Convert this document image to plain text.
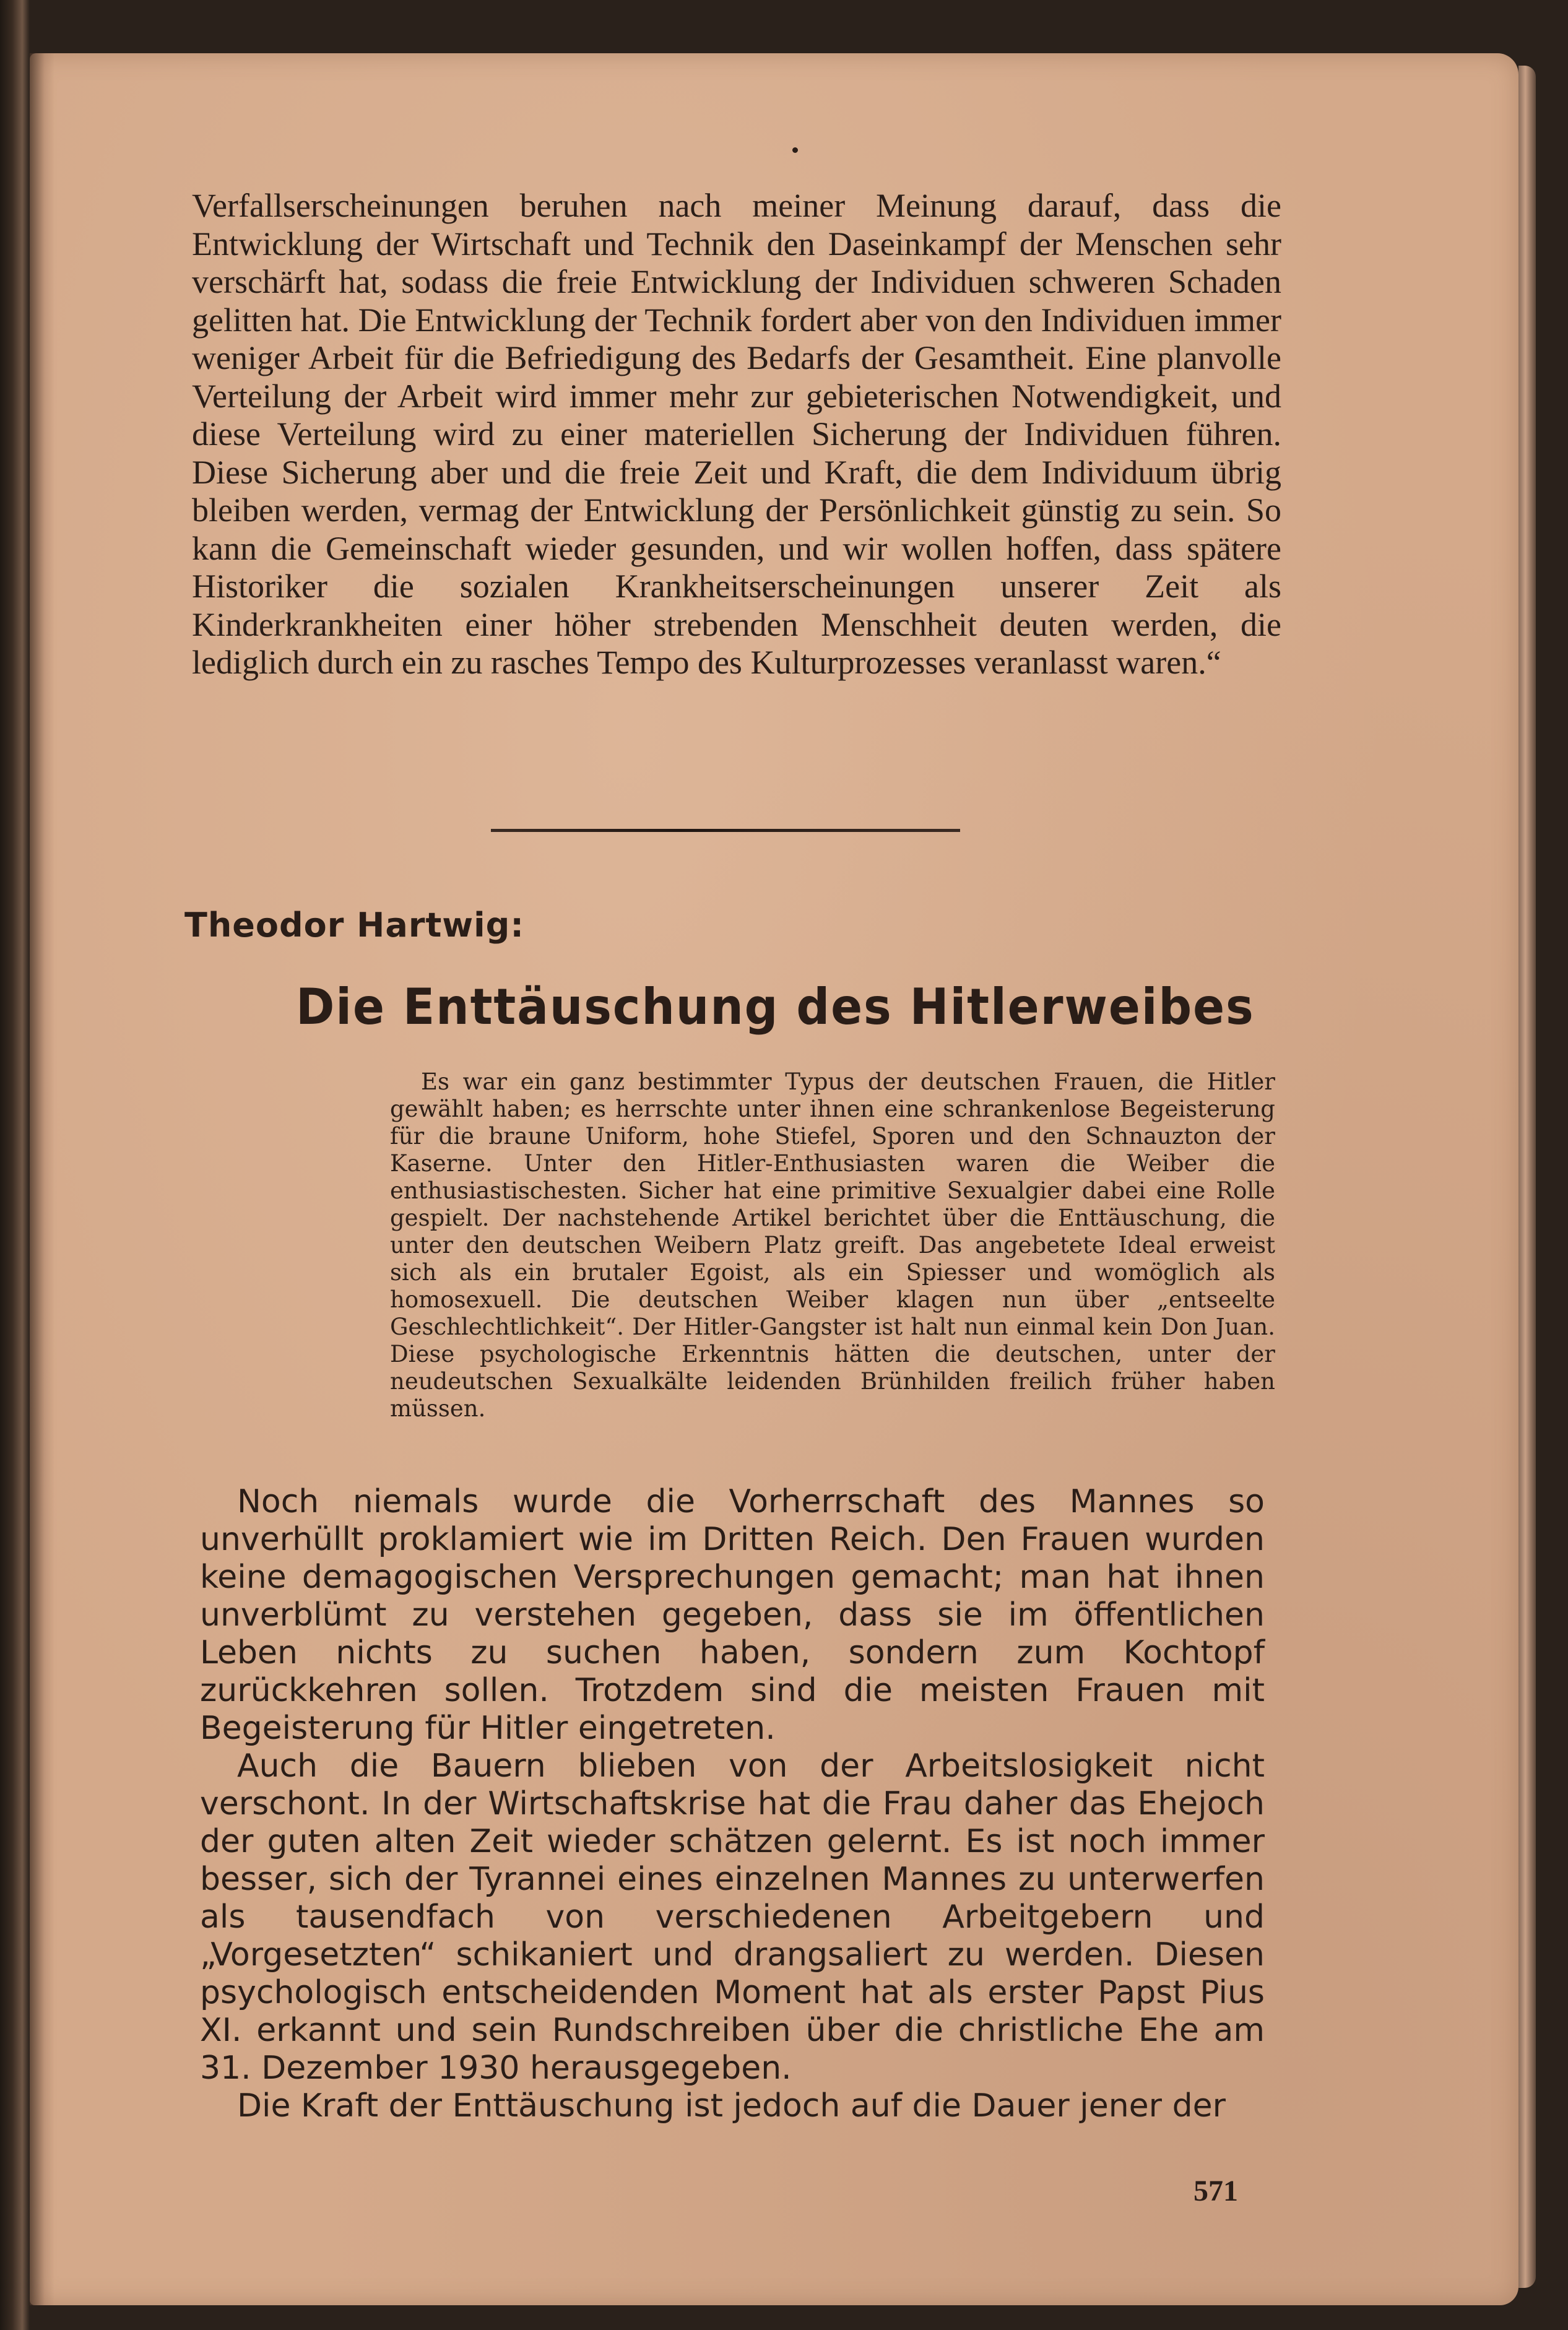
Verfallserscheinungen beruhen nach meiner Meinung darauf, dass die Entwicklung der Wirtschaft und Technik den Daseinkampf der Menschen sehr verschärft hat, sodass die freie Entwicklung der Individuen schweren Schaden gelitten hat. Die Entwicklung der Technik fordert aber von den Individuen immer weniger Arbeit für die Befriedigung des Bedarfs der Gesamtheit. Eine planvolle Verteilung der Arbeit wird immer mehr zur gebieterischen Notwendigkeit, und diese Verteilung wird zu einer materiellen Sicherung der Individuen führen. Diese Sicherung aber und die freie Zeit und Kraft, die dem Individuum übrig bleiben werden, vermag der Entwicklung der Persönlichkeit günstig zu sein. So kann die Gemeinschaft wieder gesunden, und wir wollen hoffen, dass spätere Historiker die sozialen Krankheitserscheinungen unserer Zeit als Kinderkrankheiten einer höher strebenden Menschheit deuten werden, die lediglich durch ein zu rasches Tempo des Kulturprozesses veranlasst waren.“

Theodor Hartwig:
Die Enttäuschung des Hitlerweibes
Es war ein ganz bestimmter Typus der deutschen Frauen, die Hitler gewählt haben; es herrschte unter ihnen eine schrankenlose Begeisterung für die braune Uniform, hohe Stiefel, Sporen und den Schnauzton der Kaserne. Unter den Hitler-Enthusiasten waren die Weiber die enthusiastischesten. Sicher hat eine primitive Sexualgier dabei eine Rolle gespielt. Der nachstehende Artikel berichtet über die Enttäuschung, die unter den deutschen Weibern Platz greift. Das angebetete Ideal erweist sich als ein brutaler Egoist, als ein Spiesser und womöglich als homosexuell. Die deutschen Weiber klagen nun über „entseelte Geschlechtlichkeit“. Der Hitler-Gangster ist halt nun einmal kein Don Juan. Diese psychologische Erkenntnis hätten die deutschen, unter der neudeutschen Sexualkälte leidenden Brünhilden freilich früher haben müssen.

Noch niemals wurde die Vorherrschaft des Mannes so unverhüllt proklamiert wie im Dritten Reich. Den Frauen wurden keine demagogischen Versprechungen gemacht; man hat ihnen unverblümt zu verstehen gegeben, dass sie im öffentlichen Leben nichts zu suchen haben, sondern zum Kochtopf zurückkehren sollen. Trotzdem sind die meisten Frauen mit Begeisterung für Hitler eingetreten.

Auch die Bauern blieben von der Arbeitslosigkeit nicht verschont. In der Wirtschaftskrise hat die Frau daher das Ehejoch der guten alten Zeit wieder schätzen gelernt. Es ist noch immer besser, sich der Tyrannei eines einzelnen Mannes zu unterwerfen als tausendfach von verschiedenen Arbeitgebern und „Vorgesetzten“ schikaniert und drangsaliert zu werden. Diesen psychologisch entscheidenden Moment hat als erster Papst Pius XI. erkannt und sein Rundschreiben über die christliche Ehe am 31. Dezember 1930 herausgegeben.

Die Kraft der Enttäuschung ist jedoch auf die Dauer jener der

571
